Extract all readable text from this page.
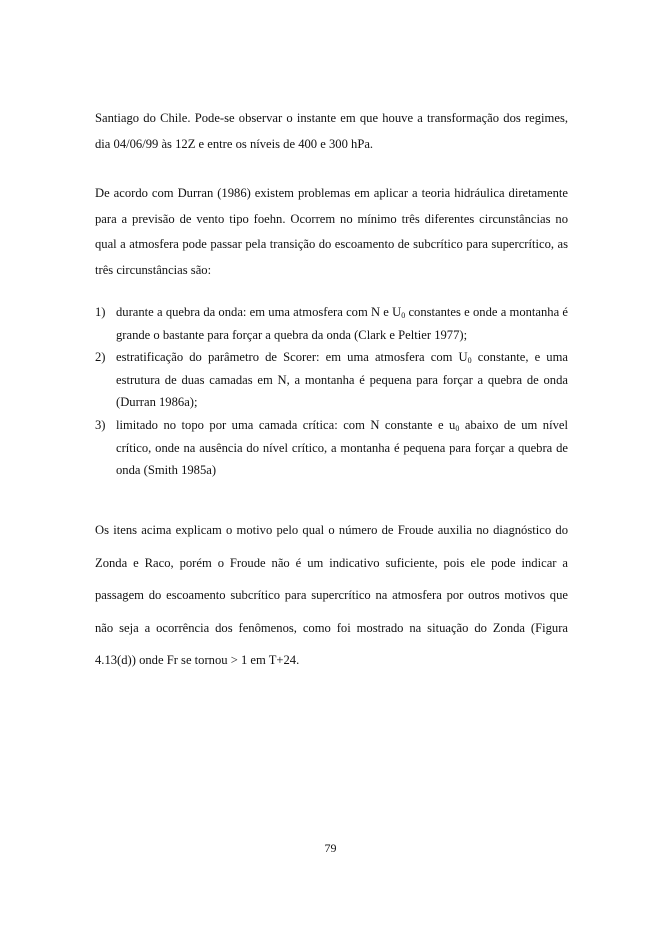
Santiago do Chile. Pode-se observar o instante em que houve a transformação dos regimes, dia 04/06/99 às 12Z e entre os níveis de 400 e 300 hPa.

De acordo com Durran (1986) existem problemas em aplicar a teoria hidráulica diretamente para a previsão de vento tipo foehn. Ocorrem no mínimo três diferentes circunstâncias no qual a atmosfera pode passar pela transição do escoamento de subcrítico para supercrítico, as três circunstâncias são:

1) durante a quebra da onda: em uma atmosfera com N e $U_0$ constantes e onde a montanha é grande o bastante para forçar a quebra da onda (Clark e Peltier 1977);
2) estratificação do parâmetro de Scorer: em uma atmosfera com $U_0$ constante, e uma estrutura de duas camadas em N, a montanha é pequena para forçar a quebra de onda (Durran 1986a);
3) limitado no topo por uma camada crítica: com N constante e $u_0$ abaixo de um nível crítico, onde na ausência do nível crítico, a montanha é pequena para forçar a quebra de onda (Smith 1985a)

Os itens acima explicam o motivo pelo qual o número de Froude auxilia no diagnóstico do Zonda e Raco, porém o Froude não é um indicativo suficiente, pois ele pode indicar a passagem do escoamento subcrítico para supercrítico na atmosfera por outros motivos que não seja a ocorrência dos fenômenos, como foi mostrado na situação do Zonda (Figura 4.13(d)) onde Fr se tornou > 1 em T+24.

79
